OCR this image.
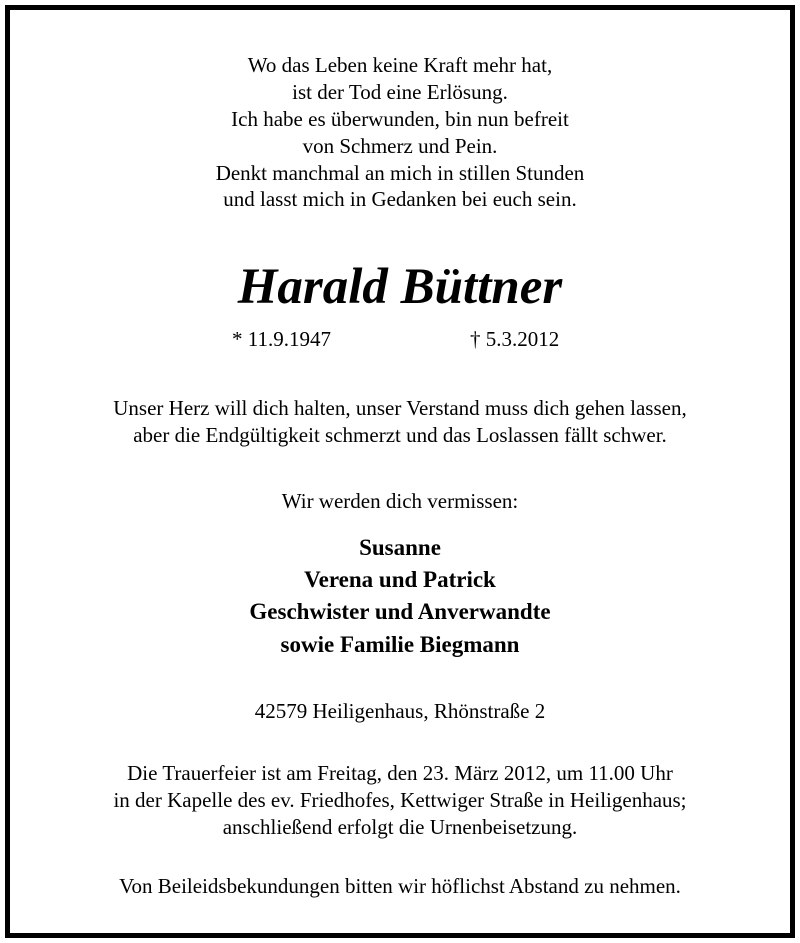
Wo das Leben keine Kraft mehr hat,
ist der Tod eine Erlösung.
Ich habe es überwunden, bin nun befreit
von Schmerz und Pein.
Denkt manchmal an mich in stillen Stunden
und lasst mich in Gedanken bei euch sein.
Harald Büttner
* 11.9.1947	† 5.3.2012
Unser Herz will dich halten, unser Verstand muss dich gehen lassen,
aber die Endgültigkeit schmerzt und das Loslassen fällt schwer.
Wir werden dich vermissen:
Susanne
Verena und Patrick
Geschwister und Anverwandte
sowie Familie Biegmann
42579 Heiligenhaus, Rhönstraße 2
Die Trauerfeier ist am Freitag, den 23. März 2012, um 11.00 Uhr
in der Kapelle des ev. Friedhofes, Kettwiger Straße in Heiligenhaus;
anschließend erfolgt die Urnenbeisetzung.
Von Beileidsbekundungen bitten wir höflichst Abstand zu nehmen.
